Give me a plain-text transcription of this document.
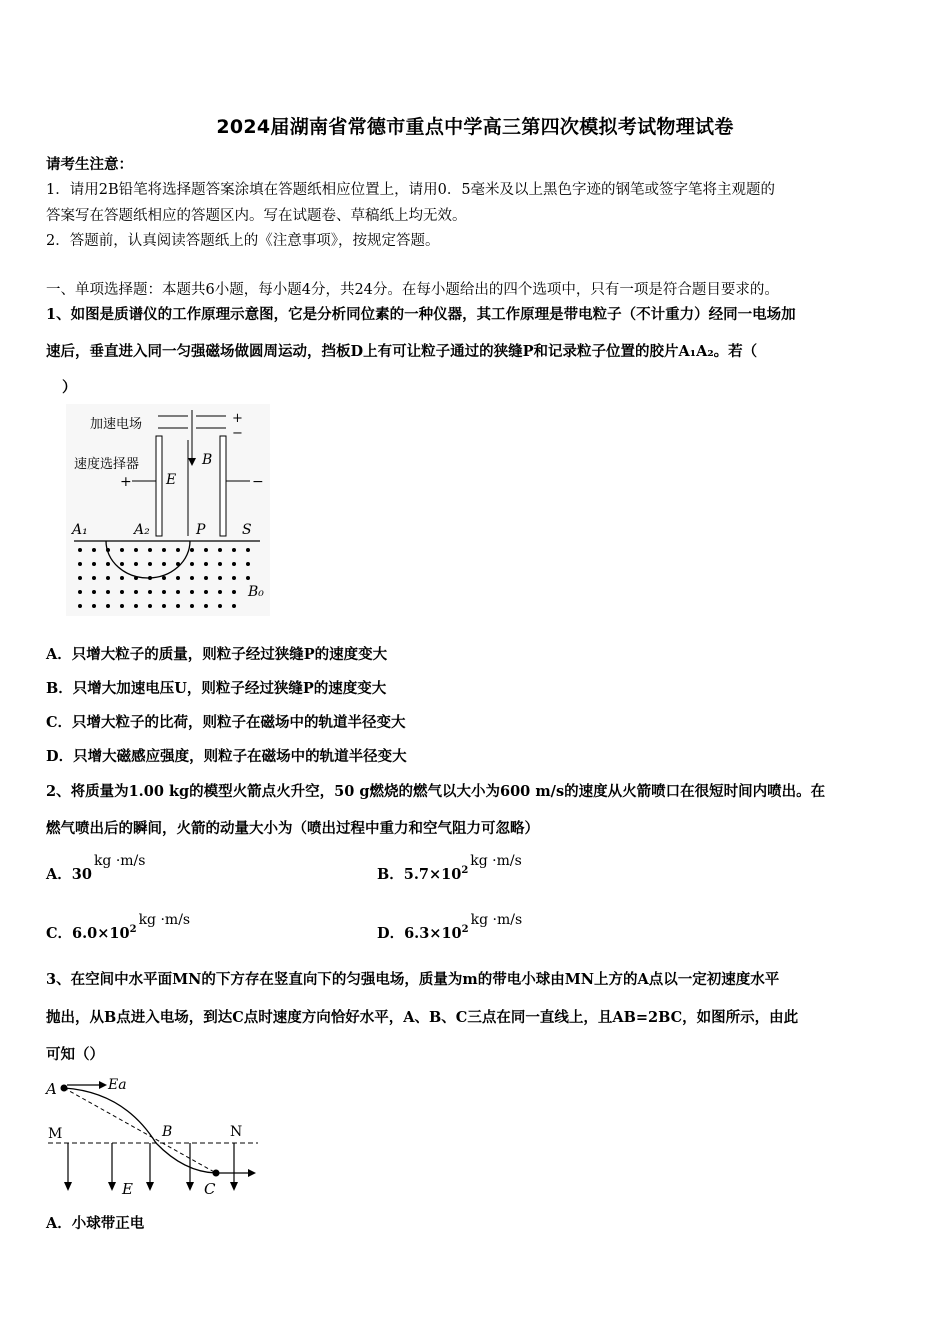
2024届湖南省常德市重点中学高三第四次模拟考试物理试卷
请考生注意：
1．请用2B铅笔将选择题答案涂填在答题纸相应位置上，请用0．5毫米及以上黑色字迹的钢笔或签字笔将主观题的
答案写在答题纸相应的答题区内。写在试题卷、草稿纸上均无效。
2．答题前，认真阅读答题纸上的《注意事项》，按规定答题。
一、单项选择题：本题共6小题，每小题4分，共24分。在每小题给出的四个选项中，只有一项是符合题目要求的。
1、如图是质谱仪的工作原理示意图，它是分析同位素的一种仪器，其工作原理是带电粒子（不计重力）经同一电场加
速后，垂直进入同一匀强磁场做圆周运动，挡板D上有可让粒子通过的狭缝P和记录粒子位置的胶片A₁A₂。若（
）
加速电场	+
−
速度选择器
+ E
B
−
A₁	A₂	P	S
B₀
A．只增大粒子的质量，则粒子经过狭缝P的速度变大
B．只增大加速电压U，则粒子经过狭缝P的速度变大
C．只增大粒子的比荷，则粒子在磁场中的轨道半径变大
D．只增大磁感应强度，则粒子在磁场中的轨道半径变大
2、将质量为1.00 kg的模型火箭点火升空，50 g燃烧的燃气以大小为600 m/s的速度从火箭喷口在很短时间内喷出。在
燃气喷出后的瞬间，火箭的动量大小为（喷出过程中重力和空气阻力可忽略）
A．30kg ·m/s
B．$5.7\times 10^2kg \cdot m/s$
C．$6.0\times 10^2kg \cdot m/s$
D．$6.3\times 10^2kg \cdot m/s$
3、在空间中水平面MN的下方存在竖直向下的匀强电场，质量为m的带电小球由MN上方的A点以一定初速度水平
抛出，从B点进入电场，到达C点时速度方向恰好水平，A、B、C三点在同一直线上，且AB=2BC，如图所示，由此
可知（）
A	Ea
M	B	N
E	C
A．小球带正电
